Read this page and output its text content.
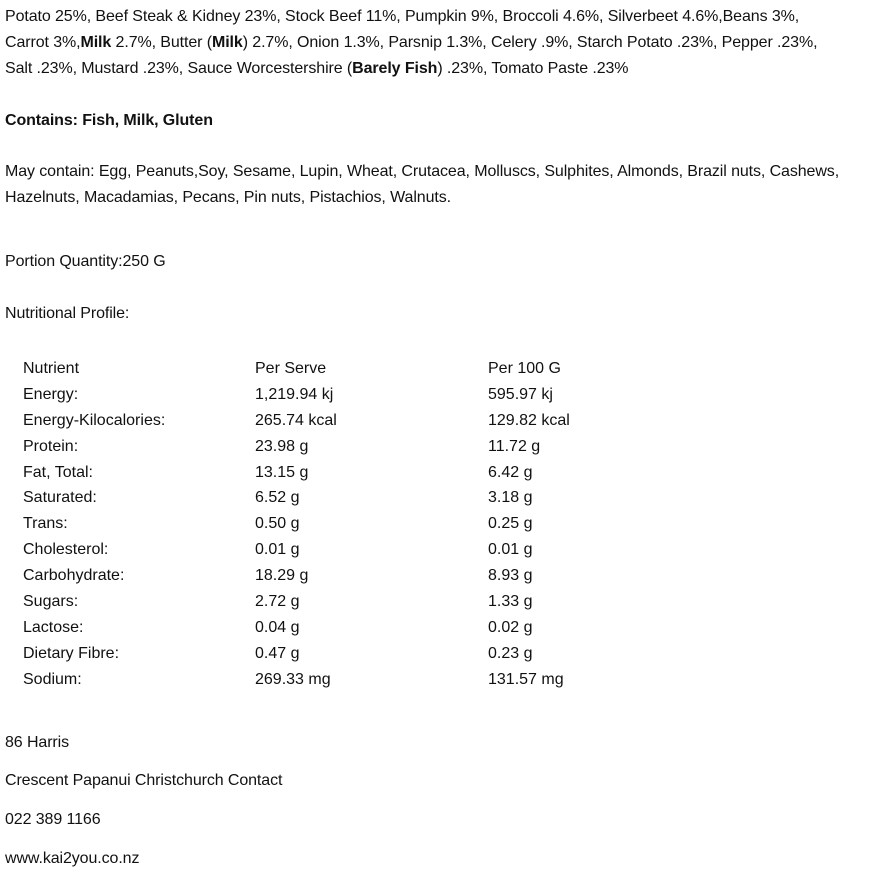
Potato 25%, Beef Steak & Kidney 23%, Stock Beef 11%, Pumpkin 9%, Broccoli 4.6%, Silverbeet 4.6%,Beans 3%,
Carrot 3%,Milk 2.7%, Butter (Milk) 2.7%, Onion 1.3%, Parsnip 1.3%, Celery .9%, Starch Potato .23%, Pepper .23%,
Salt .23%, Mustard .23%, Sauce Worcestershire (Barely Fish) .23%, Tomato Paste .23%
Contains: Fish, Milk, Gluten
May contain: Egg, Peanuts,Soy, Sesame, Lupin, Wheat, Crutacea, Molluscs, Sulphites, Almonds, Brazil nuts, Cashews,
Hazelnuts, Macadamias, Pecans, Pin nuts, Pistachios, Walnuts.
Portion Quantity:250 G
Nutritional Profile:
Nutrient	Per Serve	Per 100 G
Energy:	1,219.94 kj	595.97 kj
Energy-Kilocalories:	265.74 kcal	129.82 kcal
Protein:	23.98 g	11.72 g
Fat, Total:	13.15 g	6.42 g
Saturated:	6.52 g	3.18 g
Trans:	0.50 g	0.25 g
Cholesterol:	0.01 g	0.01 g
Carbohydrate:	18.29 g	8.93 g
Sugars:	2.72 g	1.33 g
Lactose:	0.04 g	0.02 g
Dietary Fibre:	0.47 g	0.23 g
Sodium:	269.33 mg	131.57 mg
86 Harris
Crescent Papanui Christchurch Contact
022 389 1166
www.kai2you.co.nz
